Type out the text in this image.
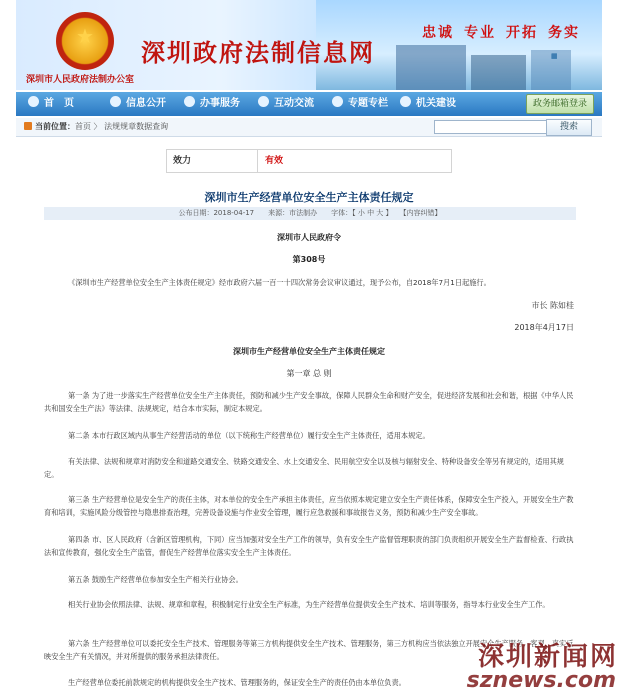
★
深圳政府法制信息网
深圳市人民政府法制办公室
忠诚 专业 开拓 务实
▦
首　页	信息公开	办事服务	互动交流	专题专栏	机关建设	政务邮箱登录
当前位置：首页 〉 法规规章数据查询	搜索
效力	有效
深圳市生产经营单位安全生产主体责任规定
公布日期：2018-04-17　　来源：市法制办　　字体：【 小 中 大 】　　【内容纠错】
深圳市人民政府令
第308号
《深圳市生产经营单位安全生产主体责任规定》经市政府六届一百一十四次常务会议审议通过，现予公布，自2018年7月1日起施行。
市长 陈如桂
2018年4月17日
深圳市生产经营单位安全生产主体责任规定
第一章 总 则
第一条 为了进一步落实生产经营单位安全生产主体责任，预防和减少生产安全事故，保障人民群众生命和财产安全，促进经济发展和社会和谐，根据《中华人民共和国安全生产法》等法律、法规规定，结合本市实际，制定本规定。
第二条 本市行政区域内从事生产经营活动的单位（以下统称生产经营单位）履行安全生产主体责任，适用本规定。
有关法律、法规和规章对消防安全和道路交通安全、铁路交通安全、水上交通安全、民用航空安全以及核与辐射安全、特种设备安全等另有规定的，适用其规定。
第三条 生产经营单位是安全生产的责任主体，对本单位的安全生产承担主体责任，应当依照本规定建立安全生产责任体系，保障安全生产投入，开展安全生产教育和培训，实施风险分级管控与隐患排查治理，完善设备设施与作业安全管理，履行应急救援和事故报告义务，预防和减少生产安全事故。
第四条 市、区人民政府（含新区管理机构，下同）应当加强对安全生产工作的领导，负有安全生产监督管理职责的部门负责组织开展安全生产监督检查、行政执法和宣传教育，强化安全生产监管，督促生产经营单位落实安全生产主体责任。
第五条 鼓励生产经营单位参加安全生产相关行业协会。
相关行业协会依照法律、法规、规章和章程，积极制定行业安全生产标准，为生产经营单位提供安全生产技术、培训等服务，指导本行业安全生产工作。
第六条 生产经营单位可以委托安全生产技术、管理服务等第三方机构提供安全生产技术、管理服务，第三方机构应当依法独立开展安全生产服务，客观、真实反映安全生产有关情况，并对所提供的服务承担法律责任。
生产经营单位委托前款规定的机构提供安全生产技术、管理服务的，保证安全生产的责任仍由本单位负责。
深圳新闻网
sznews.com
